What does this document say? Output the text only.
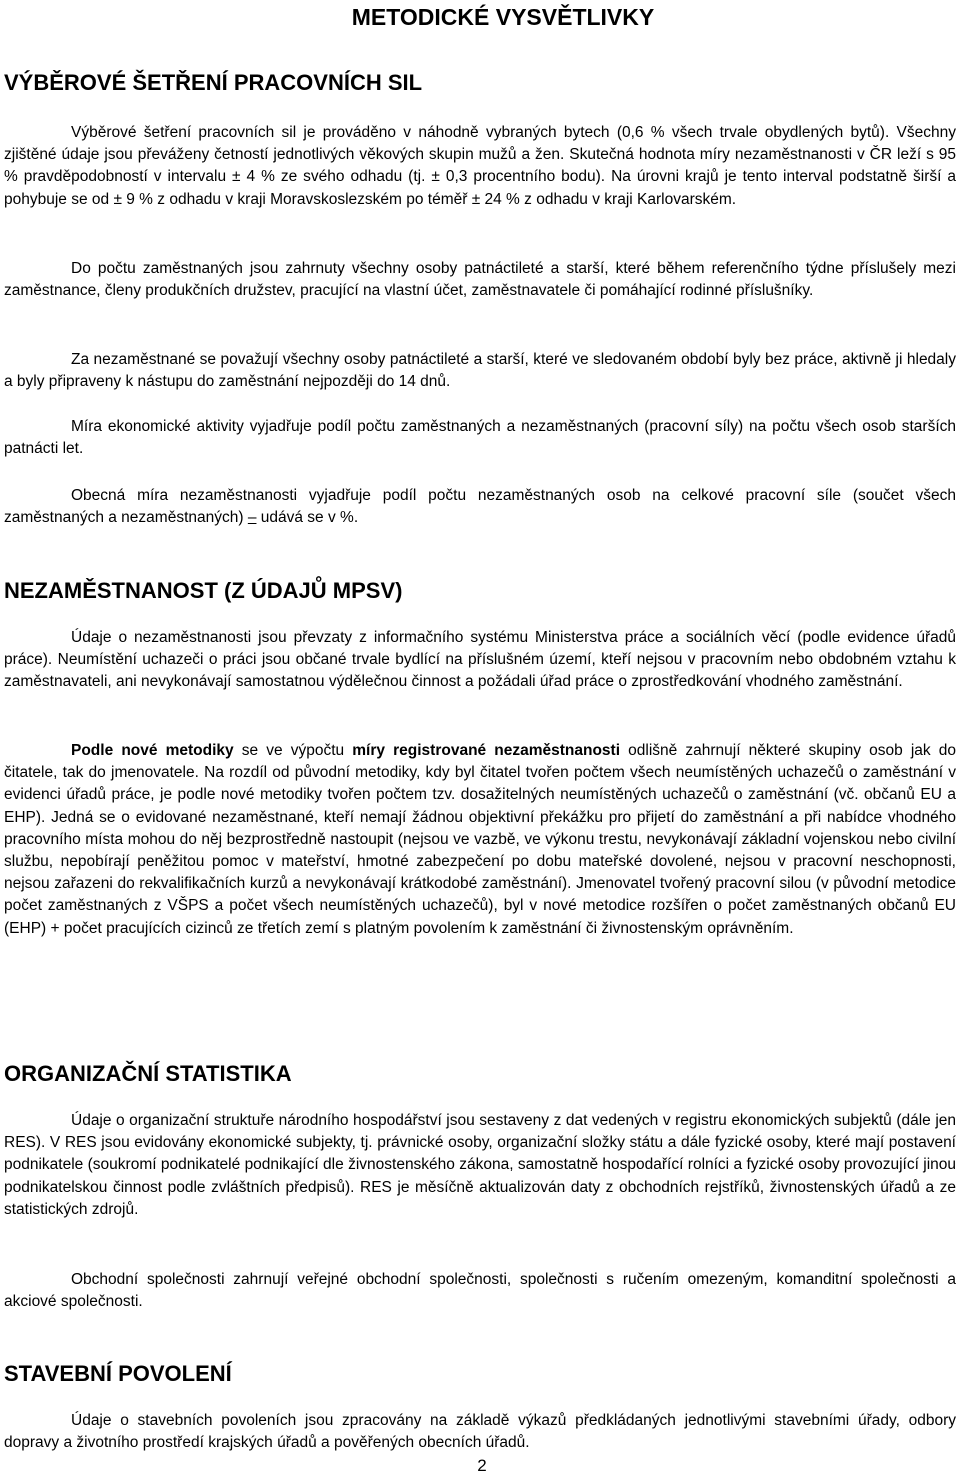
METODICKÉ VYSVĚTLIVKY
VÝBĚROVÉ ŠETŘENÍ PRACOVNÍCH SIL

Výběrové šetření pracovních sil je prováděno v náhodně vybraných bytech (0,6 % všech trvale obydlených bytů). Všechny zjištěné údaje jsou převáženy četností jednotlivých věkových skupin mužů a žen. Skutečná hodnota míry nezaměstnanosti v ČR leží s 95 % pravděpodobností v intervalu ± 4 % ze svého odhadu (tj. ± 0,3 procentního bodu). Na úrovni krajů je tento interval podstatně širší a pohybuje se od ± 9 % z odhadu v kraji Moravskoslezském po téměř ± 24 % z odhadu v kraji Karlovarském.

Do počtu zaměstnaných jsou zahrnuty všechny osoby patnáctileté a starší, které během referenčního týdne příslušely mezi zaměstnance, členy produkčních družstev, pracující na vlastní účet, zaměstnavatele či pomáhající rodinné příslušníky.

Za nezaměstnané se považují všechny osoby patnáctileté a starší, které ve sledovaném období byly bez práce, aktivně ji hledaly a byly připraveny k nástupu do zaměstnání nejpozději do 14 dnů.

Míra ekonomické aktivity vyjadřuje podíl počtu zaměstnaných a nezaměstnaných (pracovní síly) na počtu všech osob starších patnácti let.

Obecná míra nezaměstnanosti vyjadřuje podíl počtu nezaměstnaných osob na celkové pracovní síle (součet všech zaměstnaných a nezaměstnaných) – udává se v %.

NEZAMĚSTNANOST (Z ÚDAJŮ MPSV)

Údaje o nezaměstnanosti jsou převzaty z informačního systému Ministerstva práce a sociálních věcí (podle evidence úřadů práce). Neumístění uchazeči o práci jsou občané trvale bydlící na příslušném území, kteří nejsou v pracovním nebo obdobném vztahu k zaměstnavateli, ani nevykonávají samostatnou výdělečnou činnost a požádali úřad práce o zprostředkování vhodného zaměstnání.

Podle nové metodiky se ve výpočtu míry registrované nezaměstnanosti odlišně zahrnují některé skupiny osob jak do čitatele, tak do jmenovatele. Na rozdíl od původní metodiky, kdy byl čitatel tvořen počtem všech neumístěných uchazečů o zaměstnání v evidenci úřadů práce, je podle nové metodiky tvořen počtem tzv. dosažitelných neumístěných uchazečů o zaměstnání (vč. občanů EU a EHP). Jedná se o evidované nezaměstnané, kteří nemají žádnou objektivní překážku pro přijetí do zaměstnání a při nabídce vhodného pracovního místa mohou do něj bezprostředně nastoupit (nejsou ve vazbě, ve výkonu trestu, nevykonávají základní vojenskou nebo civilní službu, nepobírají peněžitou pomoc v mateřství, hmotné zabezpečení po dobu mateřské dovolené, nejsou v pracovní neschopnosti, nejsou zařazeni do rekvalifikačních kurzů a nevykonávají krátkodobé zaměstnání). Jmenovatel tvořený pracovní silou (v původní metodice počet zaměstnaných z VŠPS a počet všech neumístěných uchazečů), byl v nové metodice rozšířen o počet zaměstnaných občanů EU (EHP) + počet pracujících cizinců ze třetích zemí s platným povolením k zaměstnání či živnostenským oprávněním.

ORGANIZAČNÍ STATISTIKA

Údaje o organizační struktuře národního hospodářství jsou sestaveny z dat vedených v registru ekonomických subjektů (dále jen RES). V RES jsou evidovány ekonomické subjekty, tj. právnické osoby, organizační složky státu a dále fyzické osoby, které mají postavení podnikatele (soukromí podnikatelé podnikající dle živnostenského zákona, samostatně hospodařící rolníci a fyzické osoby provozující jinou podnikatelskou činnost podle zvláštních předpisů). RES je měsíčně aktualizován daty z obchodních rejstříků, živnostenských úřadů a ze statistických zdrojů.

Obchodní společnosti zahrnují veřejné obchodní společnosti, společnosti s ručením omezeným, komanditní společnosti a akciové společnosti.

STAVEBNÍ POVOLENÍ

Údaje o stavebních povoleních jsou zpracovány na základě výkazů předkládaných jednotlivými stavebními úřady, odbory dopravy a životního prostředí krajských úřadů a pověřených obecních úřadů.

2
